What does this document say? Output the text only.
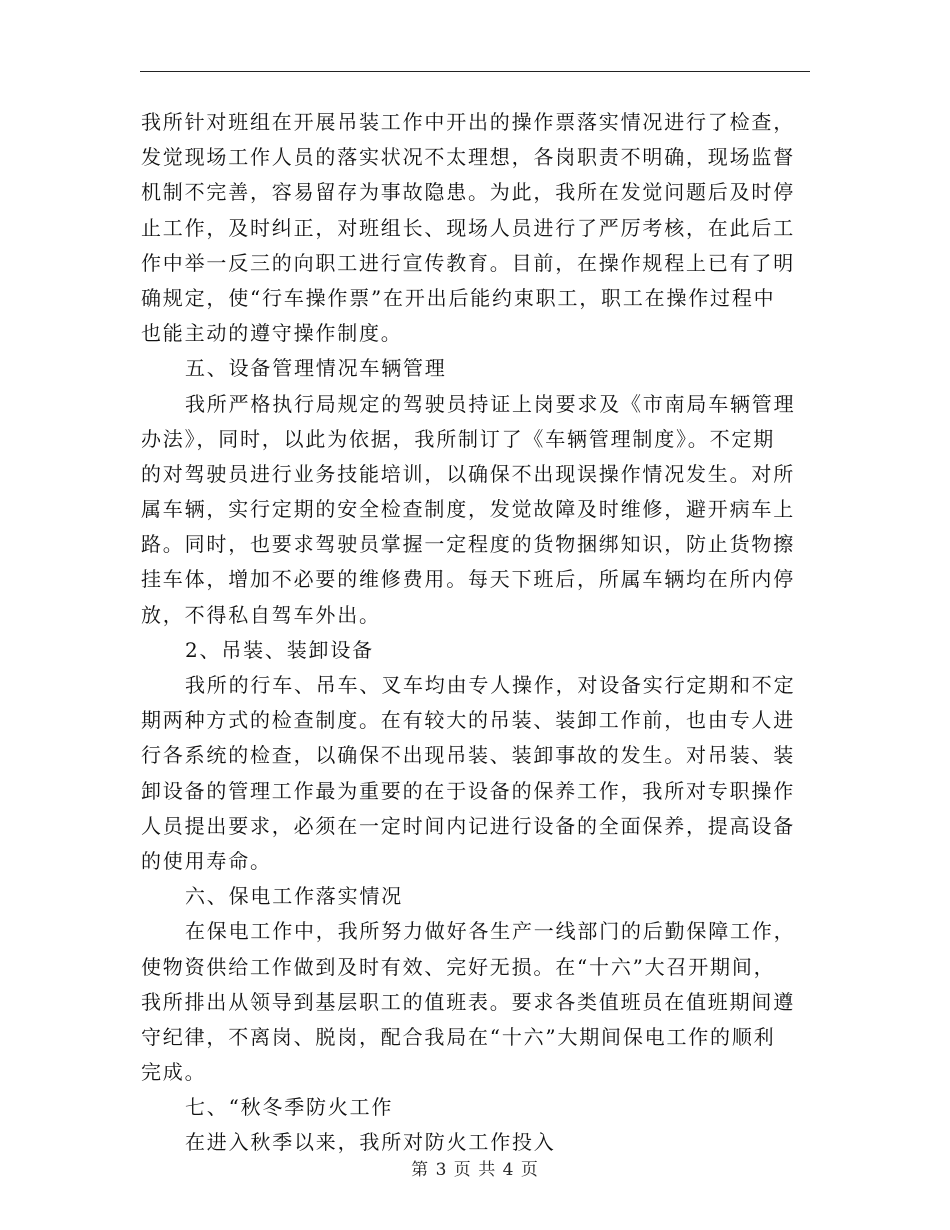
我所针对班组在开展吊装工作中开出的操作票落实情况进行了检查，
发觉现场工作人员的落实状况不太理想，各岗职责不明确，现场监督
机制不完善，容易留存为事故隐患。为此，我所在发觉问题后及时停
止工作，及时纠正，对班组长、现场人员进行了严厉考核，在此后工
作中举一反三的向职工进行宣传教育。目前，在操作规程上已有了明
确规定，使“行车操作票”在开出后能约束职工，职工在操作过程中
也能主动的遵守操作制度。
五、设备管理情况车辆管理
我所严格执行局规定的驾驶员持证上岗要求及《市南局车辆管理
办法》，同时，以此为依据，我所制订了《车辆管理制度》。不定期
的对驾驶员进行业务技能培训，以确保不出现误操作情况发生。对所
属车辆，实行定期的安全检查制度，发觉故障及时维修，避开病车上
路。同时，也要求驾驶员掌握一定程度的货物捆绑知识，防止货物擦
挂车体，增加不必要的维修费用。每天下班后，所属车辆均在所内停
放，不得私自驾车外出。
2、吊装、装卸设备
我所的行车、吊车、叉车均由专人操作，对设备实行定期和不定
期两种方式的检查制度。在有较大的吊装、装卸工作前，也由专人进
行各系统的检查，以确保不出现吊装、装卸事故的发生。对吊装、装
卸设备的管理工作最为重要的在于设备的保养工作，我所对专职操作
人员提出要求，必须在一定时间内记进行设备的全面保养，提高设备
的使用寿命。
六、保电工作落实情况
在保电工作中，我所努力做好各生产一线部门的后勤保障工作，
使物资供给工作做到及时有效、完好无损。在“十六”大召开期间，
我所排出从领导到基层职工的值班表。要求各类值班员在值班期间遵
守纪律，不离岗、脱岗，配合我局在“十六”大期间保电工作的顺利
完成。
七、“秋冬季防火工作
在进入秋季以来，我所对防火工作投入
第 3 页 共 4 页
